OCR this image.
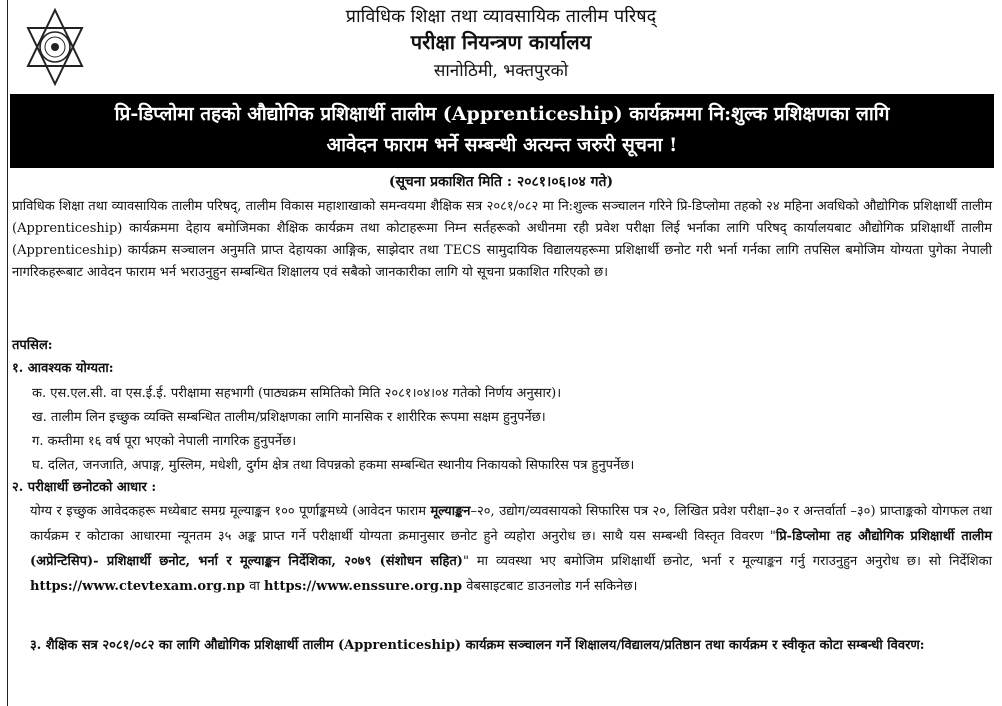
प्राविधिक शिक्षा तथा व्यावसायिक तालीम परिषद्
परीक्षा नियन्त्रण कार्यालय
सानोठिमी, भक्तपुरको
प्रि-डिप्लोमा तहको औद्योगिक प्रशिक्षार्थी तालीम (Apprenticeship) कार्यक्रममा नि:शुल्क प्रशिक्षणका लागि
आवेदन फाराम भर्ने सम्बन्धी अत्यन्त जरुरी सूचना !
(सूचना प्रकाशित मिति : २०८१।०६।०४ गते)

प्राविधिक शिक्षा तथा व्यावसायिक तालीम परिषद्, तालीम विकास महाशाखाको समन्वयमा शैक्षिक सत्र २०८१/०८२ मा नि:शुल्क सञ्चालन गरिने प्रि-डिप्लोमा तहको २४ महिना अवधिको औद्योगिक प्रशिक्षार्थी तालीम (Apprenticeship) कार्यक्रममा देहाय बमोजिमका शैक्षिक कार्यक्रम तथा कोटाहरूमा निम्न सर्तहरूको अधीनमा रही प्रवेश परीक्षा लिई भर्नाका लागि परिषद् कार्यालयबाट औद्योगिक प्रशिक्षार्थी तालीम (Apprenticeship) कार्यक्रम सञ्चालन अनुमति प्राप्त देहायका आङ्गिक, साझेदार तथा TECS सामुदायिक विद्यालयहरूमा प्रशिक्षार्थी छनोट गरी भर्ना गर्नका लागि तपसिल बमोजिम योग्यता पुगेका नेपाली नागरिकहरूबाट आवेदन फाराम भर्न भराउनुहुन सम्बन्धित शिक्षालय एवं सबैको जानकारीका लागि यो सूचना प्रकाशित गरिएको छ।

तपसिल:
१. आवश्यक योग्यता:
क. एस.एल.सी. वा एस.ई.ई. परीक्षामा सहभागी (पाठ्यक्रम समितिको मिति २०८१।०४।०४ गतेको निर्णय अनुसार)।
ख. तालीम लिन इच्छुक व्यक्ति सम्बन्धित तालीम/प्रशिक्षणका लागि मानसिक र शारीरिक रूपमा सक्षम हुनुपर्नेछ।
ग. कम्तीमा १६ वर्ष पूरा भएको नेपाली नागरिक हुनुपर्नेछ।
घ. दलित, जनजाति, अपाङ्ग, मुस्लिम, मधेशी, दुर्गम क्षेत्र तथा विपन्नको हकमा सम्बन्धित स्थानीय निकायको सिफारिस पत्र हुनुपर्नेछ।
२. परीक्षार्थी छनोटको आधार :

योग्य र इच्छुक आवेदकहरू मध्येबाट समग्र मूल्याङ्कन १०० पूर्णाङ्कमध्ये (आवेदन फाराम मूल्याङ्कन–२०, उद्योग/व्यवसायको सिफारिस पत्र २०, लिखित प्रवेश परीक्षा–३० र अन्तर्वार्ता –३०) प्राप्ताङ्कको योगफल तथा कार्यक्रम र कोटाका आधारमा न्यूनतम ३५ अङ्क प्राप्त गर्ने परीक्षार्थी योग्यता क्रमानुसार छनोट हुने व्यहोरा अनुरोध छ। साथै यस सम्बन्धी विस्तृत विवरण "प्रि-डिप्लोमा तह औद्योगिक प्रशिक्षार्थी तालीम (अप्रेन्टिसिप)- प्रशिक्षार्थी छनोट, भर्ना र मूल्याङ्कन निर्देशिका, २०७९ (संशोधन सहित)" मा व्यवस्था भए बमोजिम प्रशिक्षार्थी छनोट, भर्ना र मूल्याङ्कन गर्नु गराउनुहुन अनुरोध छ। सो निर्देशिका https://www.ctevtexam.org.np वा https://www.enssure.org.np वेबसाइटबाट डाउनलोड गर्न सकिनेछ।

३. शैक्षिक सत्र २०८१/०८२ का लागि औद्योगिक प्रशिक्षार्थी तालीम (Apprenticeship) कार्यक्रम सञ्चालन गर्ने शिक्षालय/विद्यालय/प्रतिष्ठान तथा कार्यक्रम र स्वीकृत कोटा सम्बन्धी विवरण:
